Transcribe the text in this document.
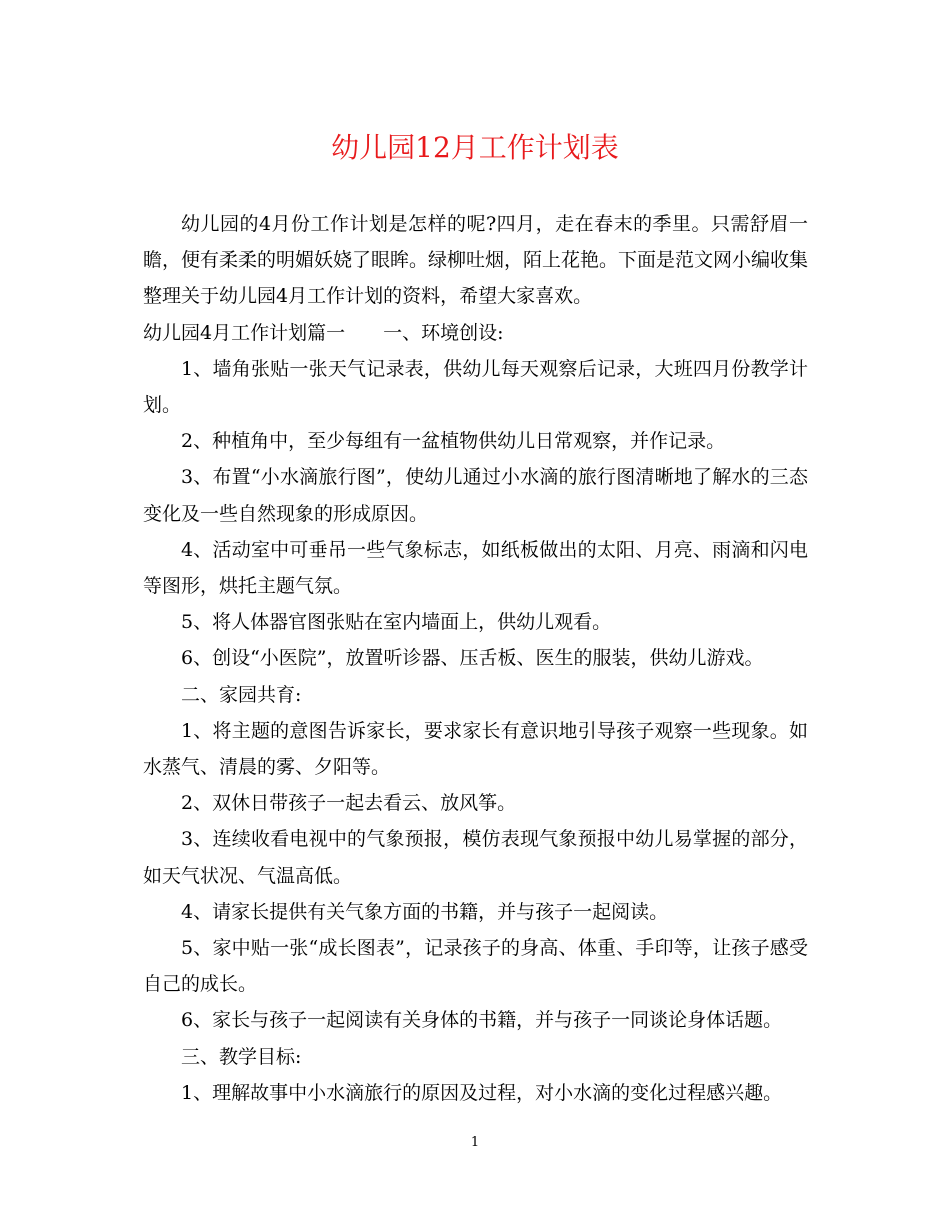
幼儿园12月工作计划表

幼儿园的4月份工作计划是怎样的呢?四月，走在春末的季里。只需舒眉一瞻，便有柔柔的明媚妖娆了眼眸。绿柳吐烟，陌上花艳。下面是范文网小编收集整理关于幼儿园4月工作计划的资料，希望大家喜欢。

幼儿园4月工作计划篇一　　一、环境创设:

1、墙角张贴一张天气记录表，供幼儿每天观察后记录，大班四月份教学计划。

2、种植角中，至少每组有一盆植物供幼儿日常观察，并作记录。

3、布置“小水滴旅行图”，使幼儿通过小水滴的旅行图清晰地了解水的三态变化及一些自然现象的形成原因。

4、活动室中可垂吊一些气象标志，如纸板做出的太阳、月亮、雨滴和闪电等图形，烘托主题气氛。

5、将人体器官图张贴在室内墙面上，供幼儿观看。

6、创设“小医院”，放置听诊器、压舌板、医生的服装，供幼儿游戏。

二、家园共育:

1、将主题的意图告诉家长，要求家长有意识地引导孩子观察一些现象。如水蒸气、清晨的雾、夕阳等。

2、双休日带孩子一起去看云、放风筝。

3、连续收看电视中的气象预报，模仿表现气象预报中幼儿易掌握的部分，如天气状况、气温高低。

4、请家长提供有关气象方面的书籍，并与孩子一起阅读。

5、家中贴一张“成长图表”，记录孩子的身高、体重、手印等，让孩子感受自己的成长。

6、家长与孩子一起阅读有关身体的书籍，并与孩子一同谈论身体话题。

三、教学目标:

1、理解故事中小水滴旅行的原因及过程，对小水滴的变化过程感兴趣。

1
